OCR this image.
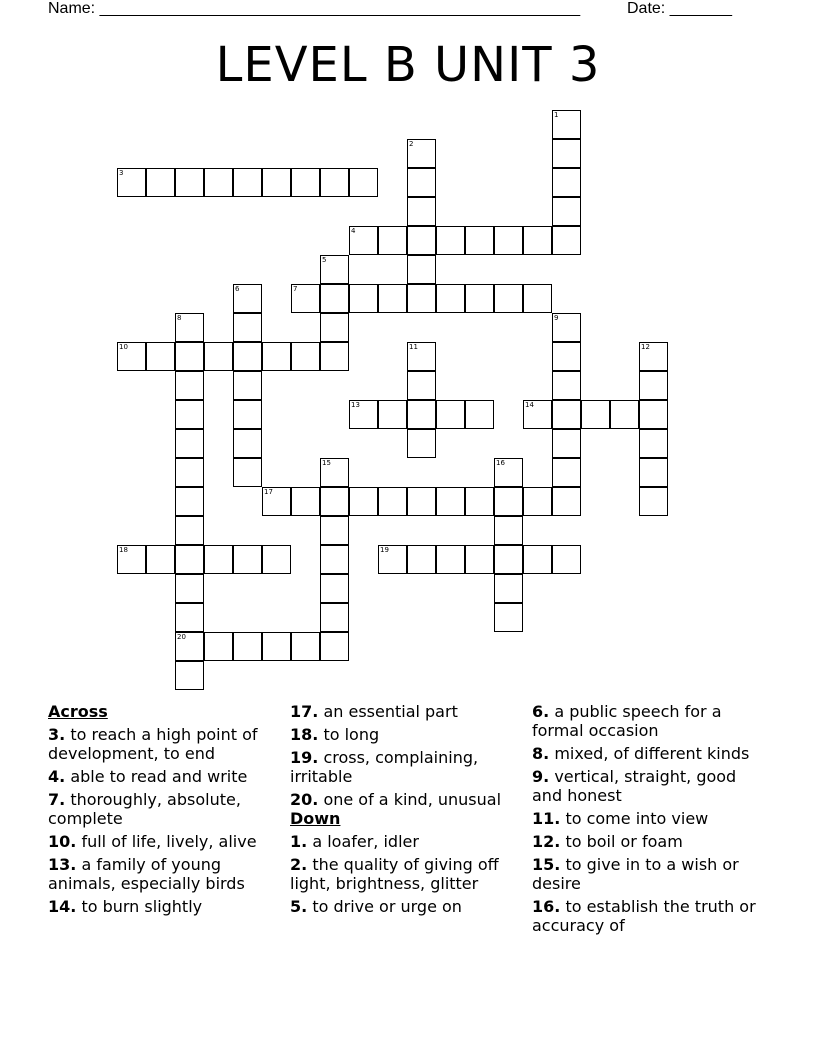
Name: ______________________________________________________	Date: _______
LEVEL B UNIT 3
1
2
3
4
5
6	7
8
20
9
10	11	12
13	14
15	16
17
18	19
Across
3. to reach a high point of development, to end
4. able to read and write
7. thoroughly, absolute, complete
10. full of life, lively, alive
13. a family of young animals, especially birds
14. to burn slightly
17. an essential part
18. to long
19. cross, complaining, irritable
20. one of a kind, unusual
Down
1. a loafer, idler
2. the quality of giving off light, brightness, glitter
5. to drive or urge on
6. a public speech for a formal occasion
8. mixed, of different kinds
9. vertical, straight, good and honest
11. to come into view
12. to boil or foam
15. to give in to a wish or desire
16. to establish the truth or accuracy of
